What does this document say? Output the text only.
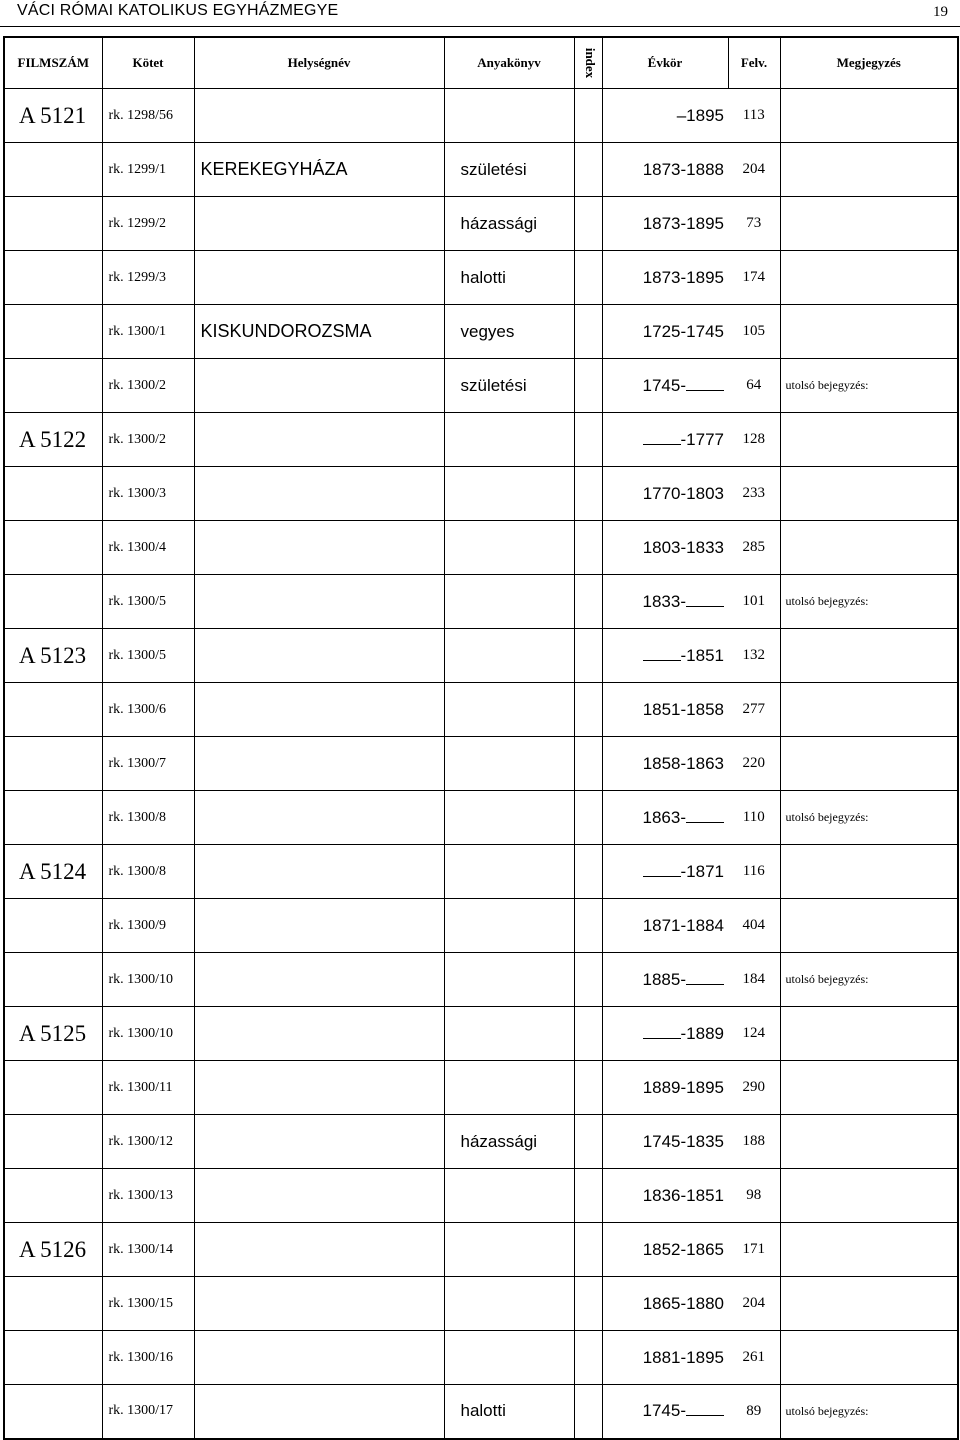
VÁCI RÓMAI KATOLIKUS EGYHÁZMEGYE	19
FILMSZÁM	Kötet	Helységnév	Anyakönyv	index	Évkör	Felv.	Megjegyzés
A 5121	rk. 1298/56				–1895	113	
	rk. 1299/1	KEREKEGYHÁZA	születési		1873-1888	204	
	rk. 1299/2		házassági		1873-1895	73	
	rk. 1299/3		halotti		1873-1895	174	
	rk. 1300/1	KISKUNDOROZSMA	vegyes		1725-1745	105	
	rk. 1300/2		születési		1745-	64	utolsó bejegyzés:
A 5122	rk. 1300/2				-1777	128	
	rk. 1300/3				1770-1803	233	
	rk. 1300/4				1803-1833	285	
	rk. 1300/5				1833-	101	utolsó bejegyzés:
A 5123	rk. 1300/5				-1851	132	
	rk. 1300/6				1851-1858	277	
	rk. 1300/7				1858-1863	220	
	rk. 1300/8				1863-	110	utolsó bejegyzés:
A 5124	rk. 1300/8				-1871	116	
	rk. 1300/9				1871-1884	404	
	rk. 1300/10				1885-	184	utolsó bejegyzés:
A 5125	rk. 1300/10				-1889	124	
	rk. 1300/11				1889-1895	290	
	rk. 1300/12		házassági		1745-1835	188	
	rk. 1300/13				1836-1851	98	
A 5126	rk. 1300/14				1852-1865	171	
	rk. 1300/15				1865-1880	204	
	rk. 1300/16				1881-1895	261	
	rk. 1300/17		halotti		1745-	89	utolsó bejegyzés:
